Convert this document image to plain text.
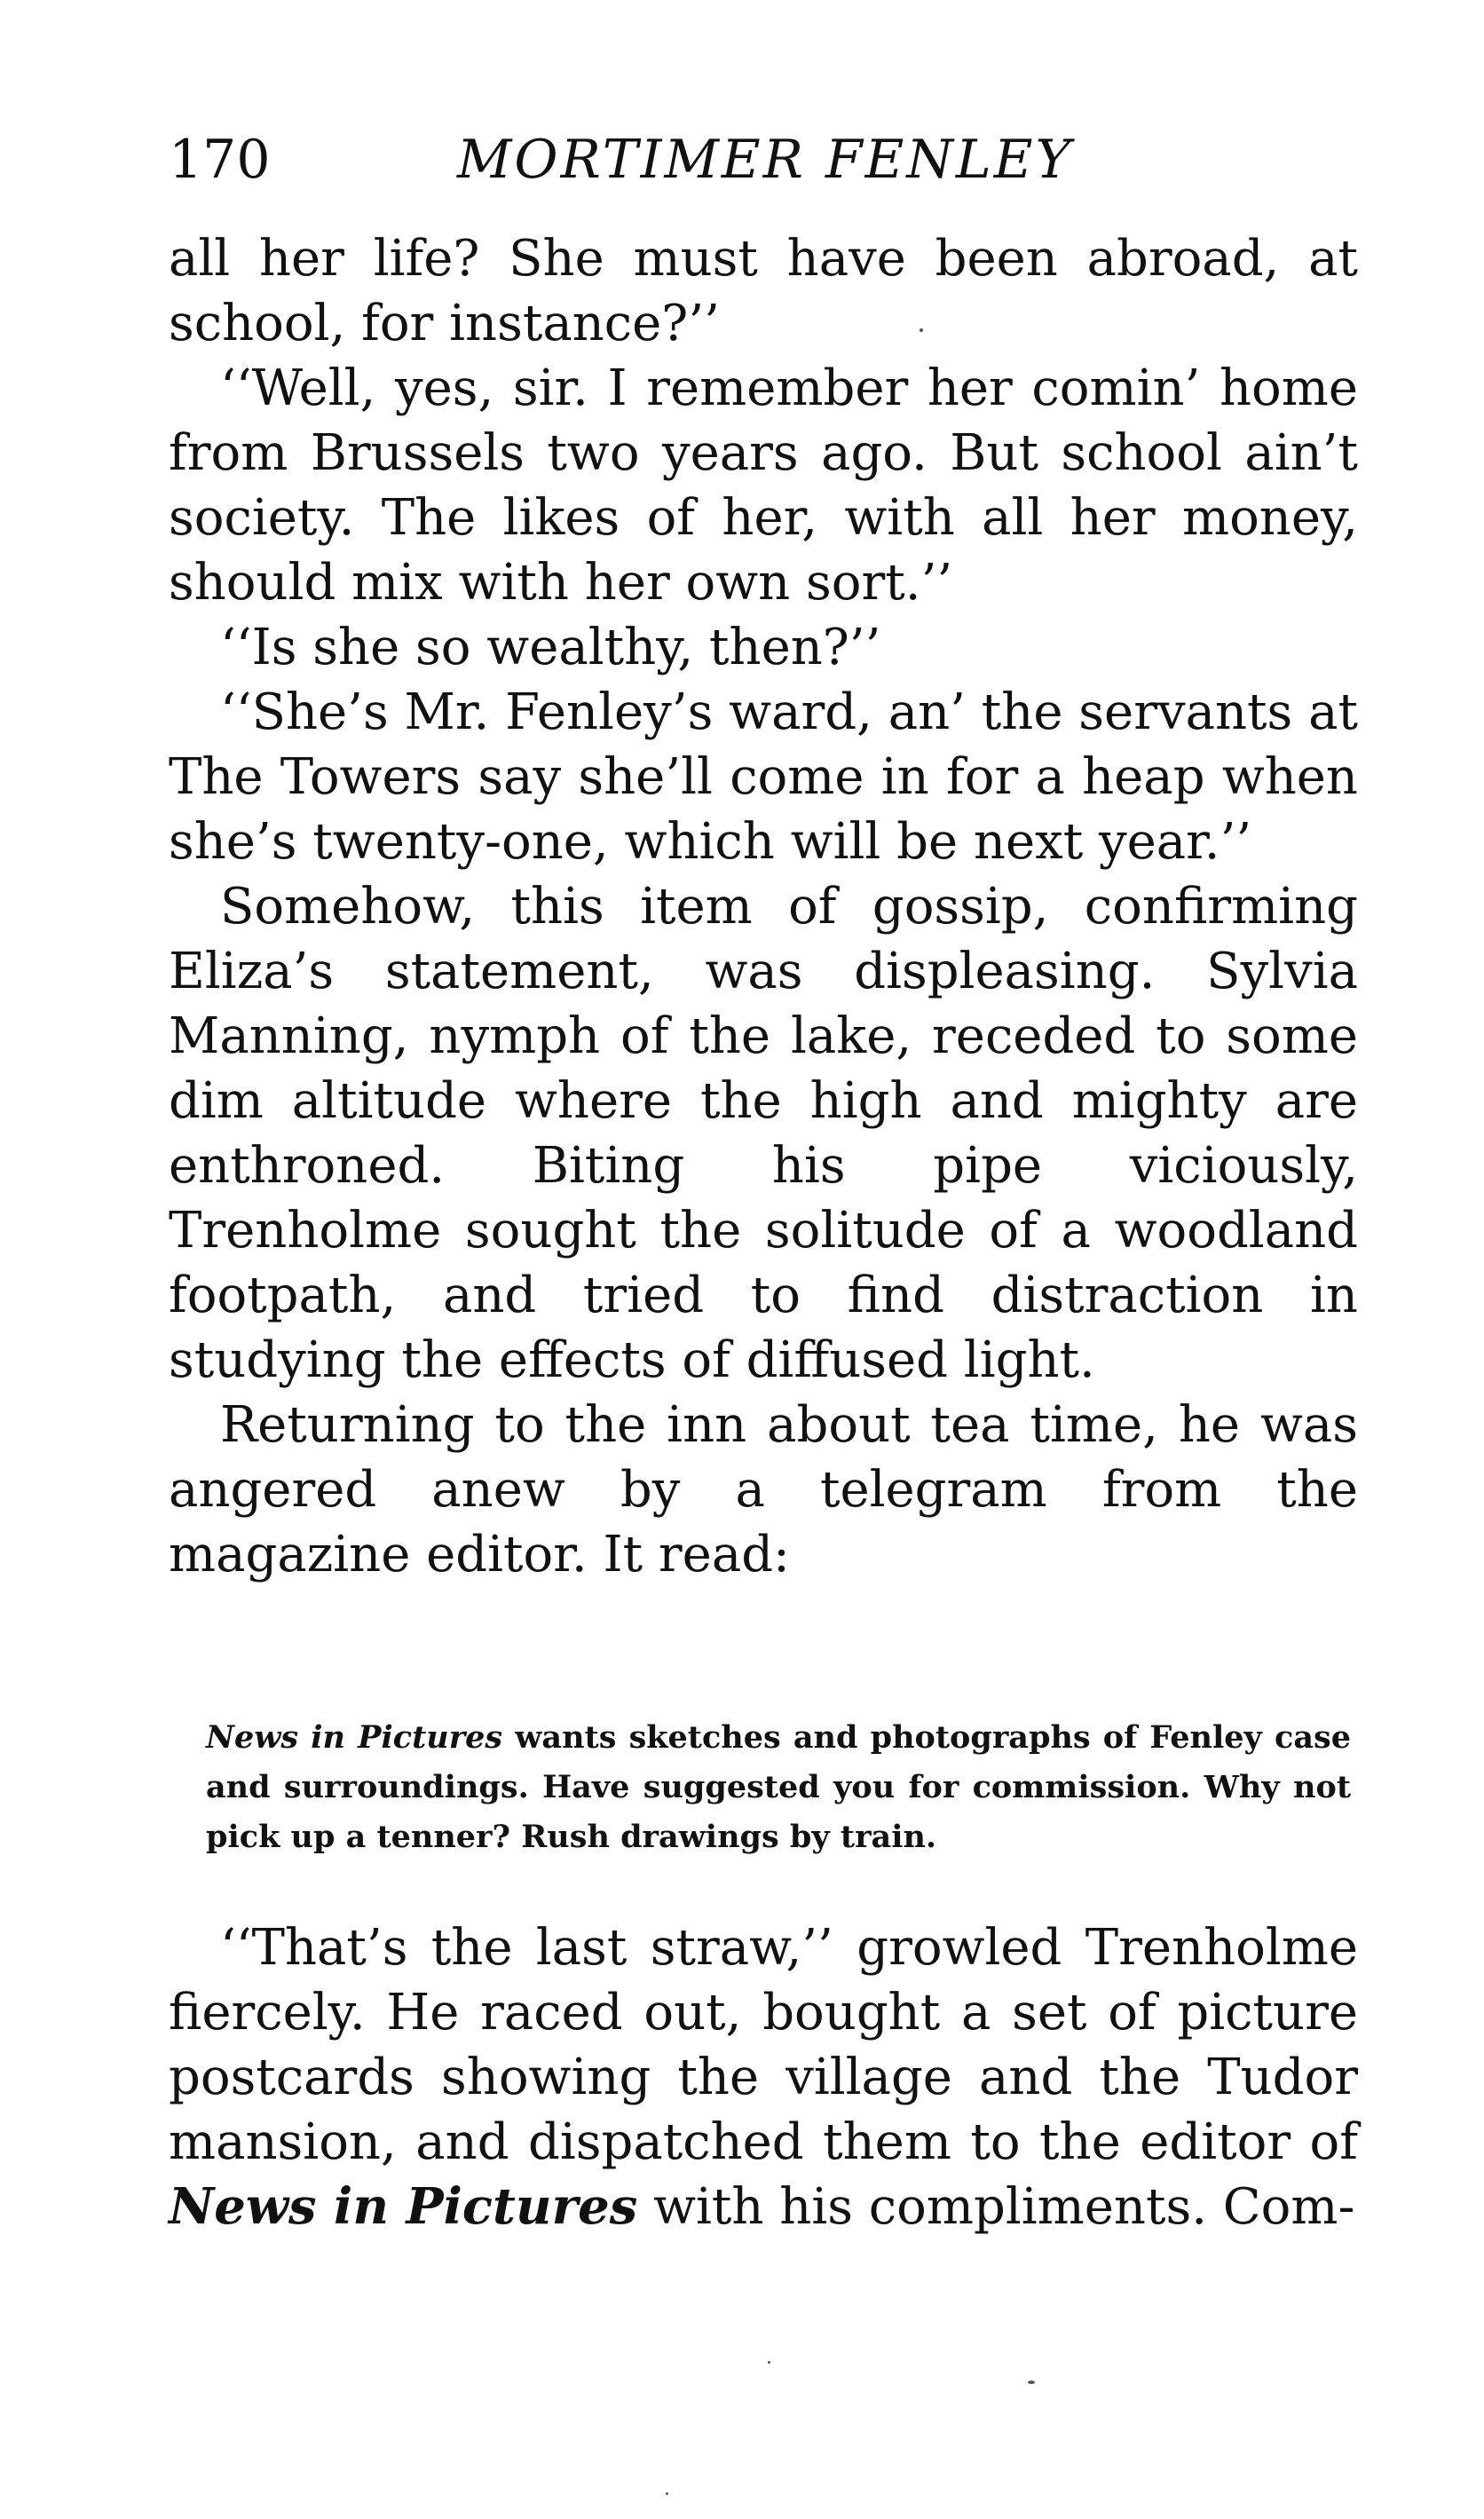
170	MORTIMER FENLEY

all her life? She must have been abroad, at school, for instance?’’

‘‘Well, yes, sir. I remember her comin’ home from Brussels two years ago. But school ain’t society. The likes of her, with all her money, should mix with her own sort.’’

‘‘Is she so wealthy, then?’’

‘‘She’s Mr. Fenley’s ward, an’ the servants at The Towers say she’ll come in for a heap when she’s twenty-one, which will be next year.’’

Somehow, this item of gossip, confirming Eliza’s statement, was displeasing. Sylvia Manning, nymph of the lake, receded to some dim altitude where the high and mighty are enthroned. Biting his pipe viciously, Trenholme sought the solitude of a woodland footpath, and tried to find distraction in studying the effects of diffused light.

Returning to the inn about tea time, he was angered anew by a telegram from the magazine editor. It read:

News in Pictures wants sketches and photographs of Fenley case and surroundings. Have suggested you for commission. Why not pick up a tenner? Rush drawings by train.

‘‘That’s the last straw,’’ growled Trenholme fiercely. He raced out, bought a set of picture postcards showing the village and the Tudor mansion, and dispatched them to the editor of News in Pictures with his compliments. Com-
